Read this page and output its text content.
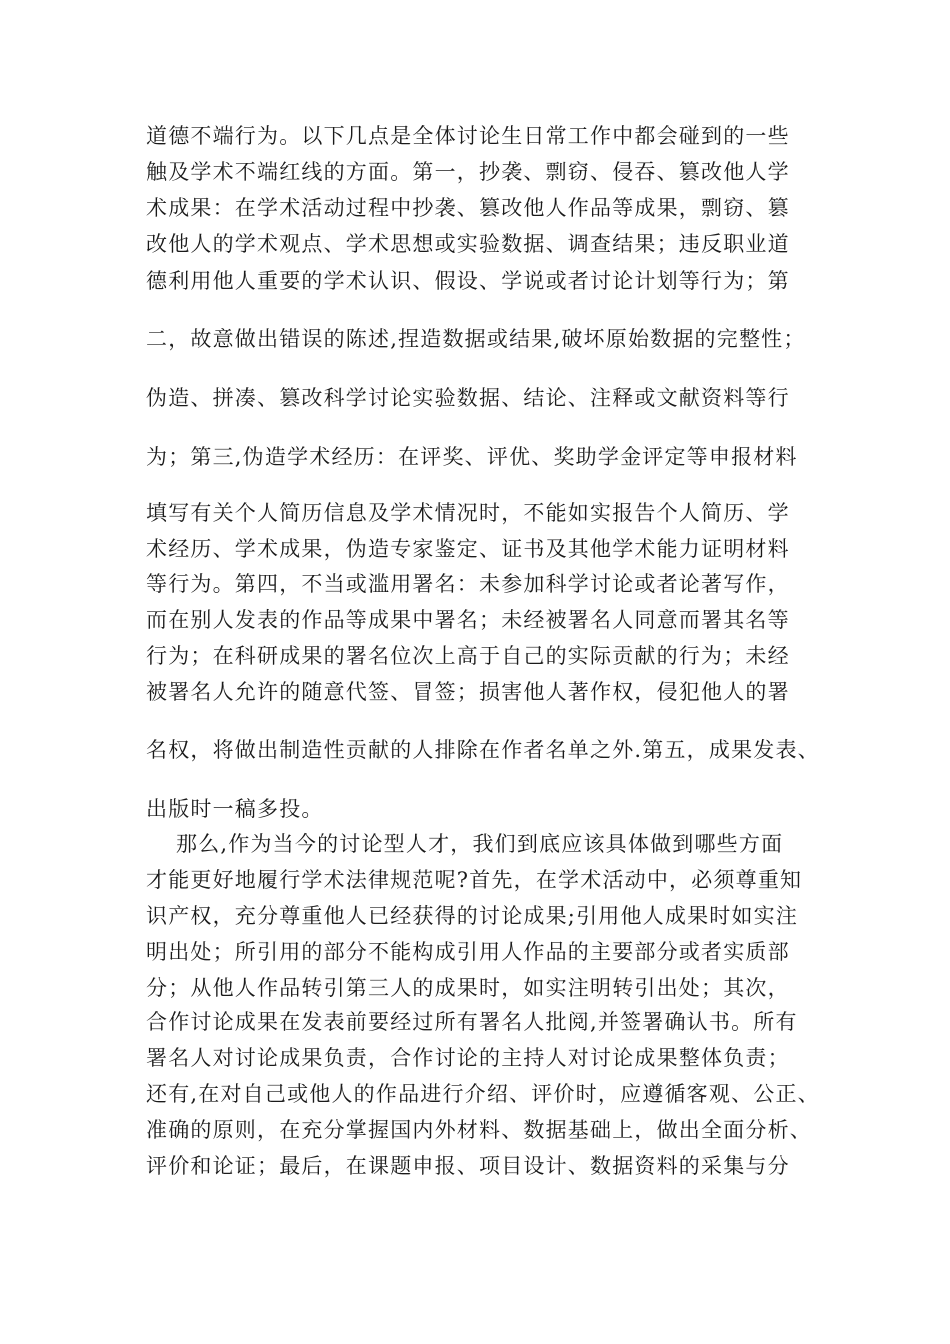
道德不端行为。以下几点是全体讨论生日常工作中都会碰到的一些
触及学术不端红线的方面。第一，抄袭、剽窃、侵吞、篡改他人学
术成果：在学术活动过程中抄袭、篡改他人作品等成果，剽窃、篡
改他人的学术观点、学术思想或实验数据、调查结果；违反职业道
德利用他人重要的学术认识、假设、学说或者讨论计划等行为；第
二，故意做出错误的陈述,捏造数据或结果,破坏原始数据的完整性；
伪造、拼凑、篡改科学讨论实验数据、结论、注释或文献资料等行
为；第三,伪造学术经历：在评奖、评优、奖助学金评定等申报材料
填写有关个人简历信息及学术情况时，不能如实报告个人简历、学
术经历、学术成果，伪造专家鉴定、证书及其他学术能力证明材料
等行为。第四，不当或滥用署名：未参加科学讨论或者论著写作，
而在别人发表的作品等成果中署名；未经被署名人同意而署其名等
行为；在科研成果的署名位次上高于自己的实际贡献的行为；未经
被署名人允许的随意代签、冒签；损害他人著作权，侵犯他人的署
名权，将做出制造性贡献的人排除在作者名单之外.第五，成果发表、
出版时一稿多投。
那么,作为当今的讨论型人才，我们到底应该具体做到哪些方面
才能更好地履行学术法律规范呢?首先，在学术活动中，必须尊重知
识产权，充分尊重他人已经获得的讨论成果;引用他人成果时如实注
明出处；所引用的部分不能构成引用人作品的主要部分或者实质部
分；从他人作品转引第三人的成果时，如实注明转引出处；其次，
合作讨论成果在发表前要经过所有署名人批阅,并签署确认书。所有
署名人对讨论成果负责，合作讨论的主持人对讨论成果整体负责；
还有,在对自己或他人的作品进行介绍、评价时，应遵循客观、公正、
准确的原则，在充分掌握国内外材料、数据基础上，做出全面分析、
评价和论证；最后，在课题申报、项目设计、数据资料的采集与分
